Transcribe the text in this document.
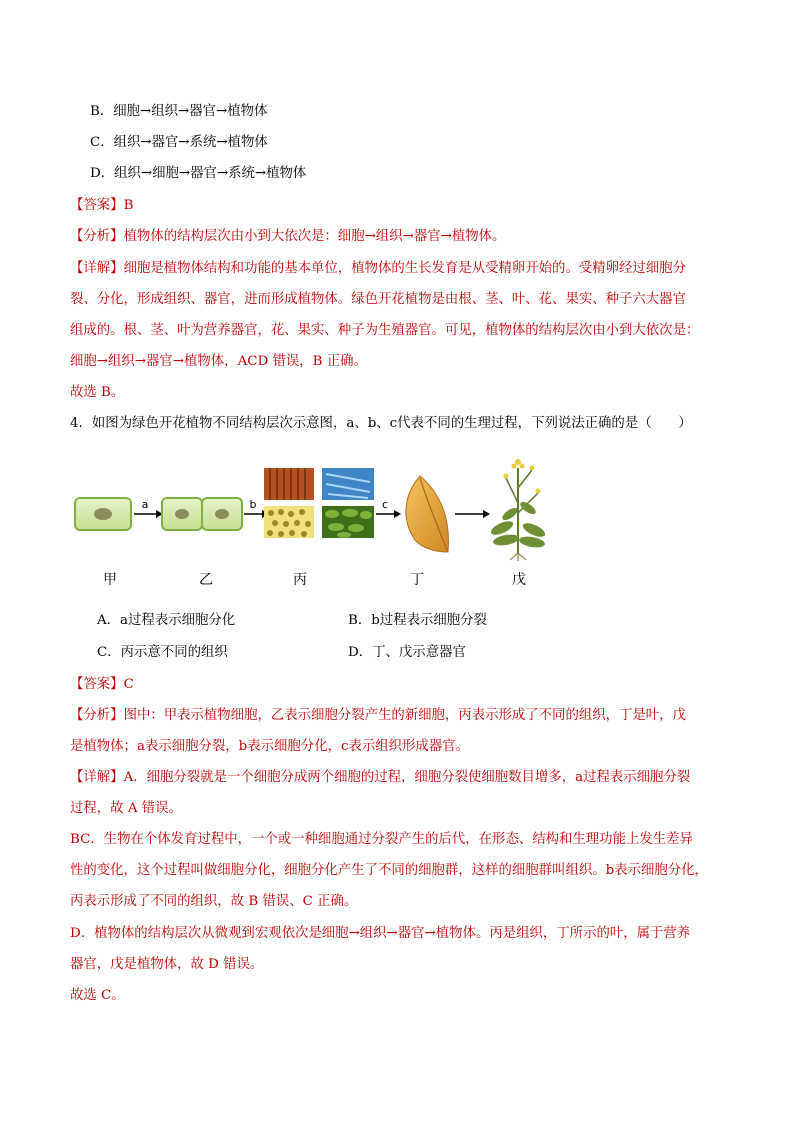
B．细胞→组织→器官→植物体
C．组织→器官→系统→植物体
D．组织→细胞→器官→系统→植物体
【答案】B
【分析】植物体的结构层次由小到大依次是：细胞→组织→器官→植物体。
【详解】细胞是植物体结构和功能的基本单位，植物体的生长发育是从受精卵开始的。受精卵经过细胞分
裂、分化，形成组织、器官，进而形成植物体。绿色开花植物是由根、茎、叶、花、果实、种子六大器官
组成的。根、茎、叶为营养器官，花、果实、种子为生殖器官。可见，植物体的结构层次由小到大依次是：
细胞→组织→器官→植物体，ACD 错误，B 正确。
故选 B。
4．如图为绿色开花植物不同结构层次示意图，a、b、c代表不同的生理过程，下列说法正确的是（　　）
a	b	c
甲	乙	丙	丁	戊
A．a过程表示细胞分化	B．b过程表示细胞分裂
C．丙示意不同的组织	D．丁、戊示意器官
【答案】C
【分析】图中：甲表示植物细胞，乙表示细胞分裂产生的新细胞，丙表示形成了不同的组织，丁是叶，戊
是植物体；a表示细胞分裂，b表示细胞分化，c表示组织形成器官。
【详解】A．细胞分裂就是一个细胞分成两个细胞的过程，细胞分裂使细胞数目增多，a过程表示细胞分裂
过程，故 A 错误。
BC．生物在个体发育过程中，一个或一种细胞通过分裂产生的后代，在形态、结构和生理功能上发生差异
性的变化，这个过程叫做细胞分化，细胞分化产生了不同的细胞群，这样的细胞群叫组织。b表示细胞分化，
丙表示形成了不同的组织，故 B 错误、C 正确。
D．植物体的结构层次从微观到宏观依次是细胞→组织→器官→植物体。丙是组织，丁所示的叶，属于营养
器官，戊是植物体，故 D 错误。
故选 C。
